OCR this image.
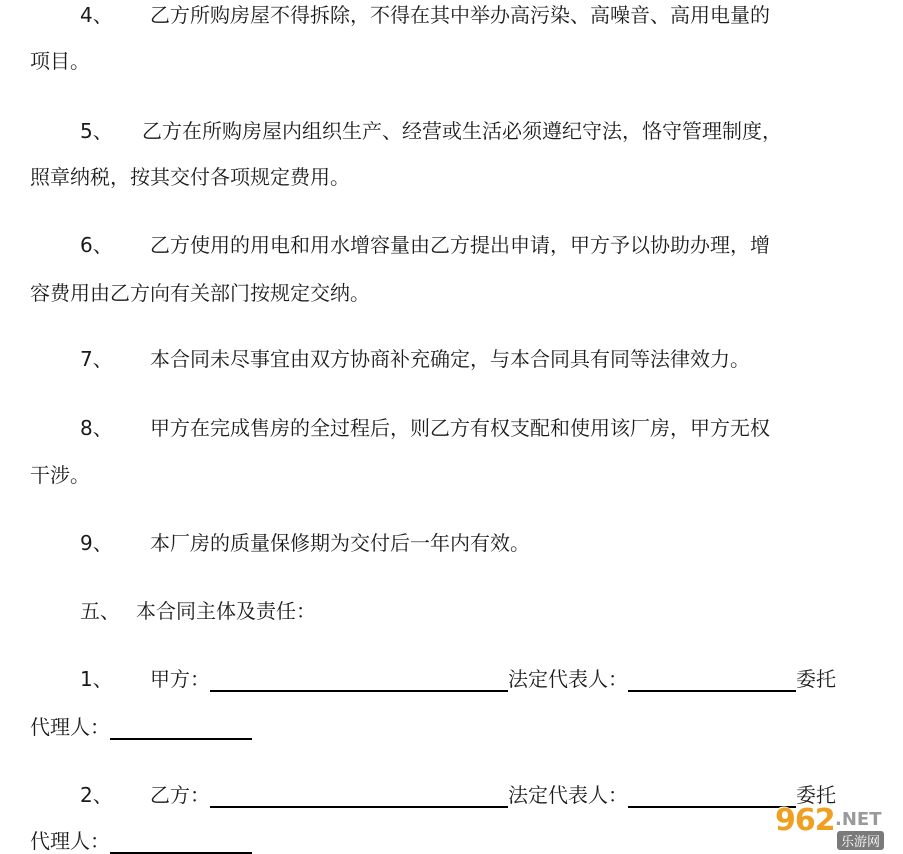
4、 乙方所购房屋不得拆除，不得在其中举办高污染、高噪音、高用电量的
项目。
5、 乙方在所购房屋内组织生产、经营或生活必须遵纪守法，恪守管理制度，
照章纳税，按其交付各项规定费用。
6、 乙方使用的用电和用水增容量由乙方提出申请，甲方予以协助办理，增
容费用由乙方向有关部门按规定交纳。
7、 本合同未尽事宜由双方协商补充确定，与本合同具有同等法律效力。
8、 甲方在完成售房的全过程后，则乙方有权支配和使用该厂房，甲方无权
干涉。
9、 本厂房的质量保修期为交付后一年内有效。
五、 本合同主体及责任：
1、 甲方：	法定代表人：	委托
代理人：
2、 乙方：	法定代表人：	委托
代理人：
962 .NET
乐游网
